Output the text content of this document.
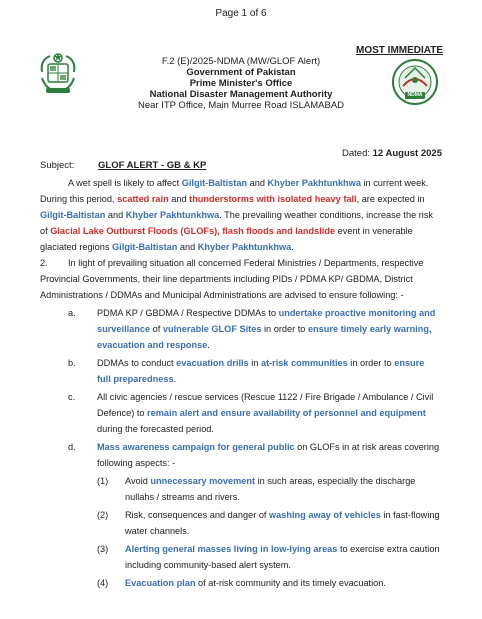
Page 1 of 6
F.2 (E)/2025-NDMA (MW/GLOF Alert)
Government of Pakistan
Prime Minister's Office
National Disaster Management Authority
Near ITP Office, Main Murree Road ISLAMABAD
MOST IMMEDIATE
NDMA
Dated: 12 August 2025
Subject: GLOF ALERT - GB & KP
A wet spell is likely to affect Gilgit-Baltistan and Khyber Pakhtunkhwa in current week.
During this period, scatted rain and thunderstorms with isolated heavy fall, are expected in
Gilgit-Baltistan and Khyber Pakhtunkhwa. The prevailing weather conditions, increase the risk
of Glacial Lake Outburst Floods (GLOFs), flash floods and landslide event in venerable
glaciated regions Gilgit-Baltistan and Khyber Pakhtunkhwa.
2. In light of prevailing situation all concerned Federal Ministries / Departments, respective
Provincial Governments, their line departments including PIDs / PDMA KP/ GBDMA, District
Administrations / DDMAs and Municipal Administrations are advised to ensure following: -
a. PDMA KP / GBDMA / Respective DDMAs to undertake proactive monitoring and
surveillance of vulnerable GLOF Sites in order to ensure timely early warning,
evacuation and response.
b. DDMAs to conduct evacuation drills in at-risk communities in order to ensure
full preparedness.
c. All civic agencies / rescue services (Rescue 1122 / Fire Brigade / Ambulance / Civil
Defence) to remain alert and ensure availability of personnel and equipment
during the forecasted period.
d. Mass awareness campaign for general public on GLOFs in at risk areas covering
following aspects: -
(1) Avoid unnecessary movement in such areas, especially the discharge
nullahs / streams and rivers.
(2) Risk, consequences and danger of washing away of vehicles in fast-flowing
water channels.
(3) Alerting general masses living in low-lying areas to exercise extra caution
including community-based alert system.
(4) Evacuation plan of at-risk community and its timely evacuation.
